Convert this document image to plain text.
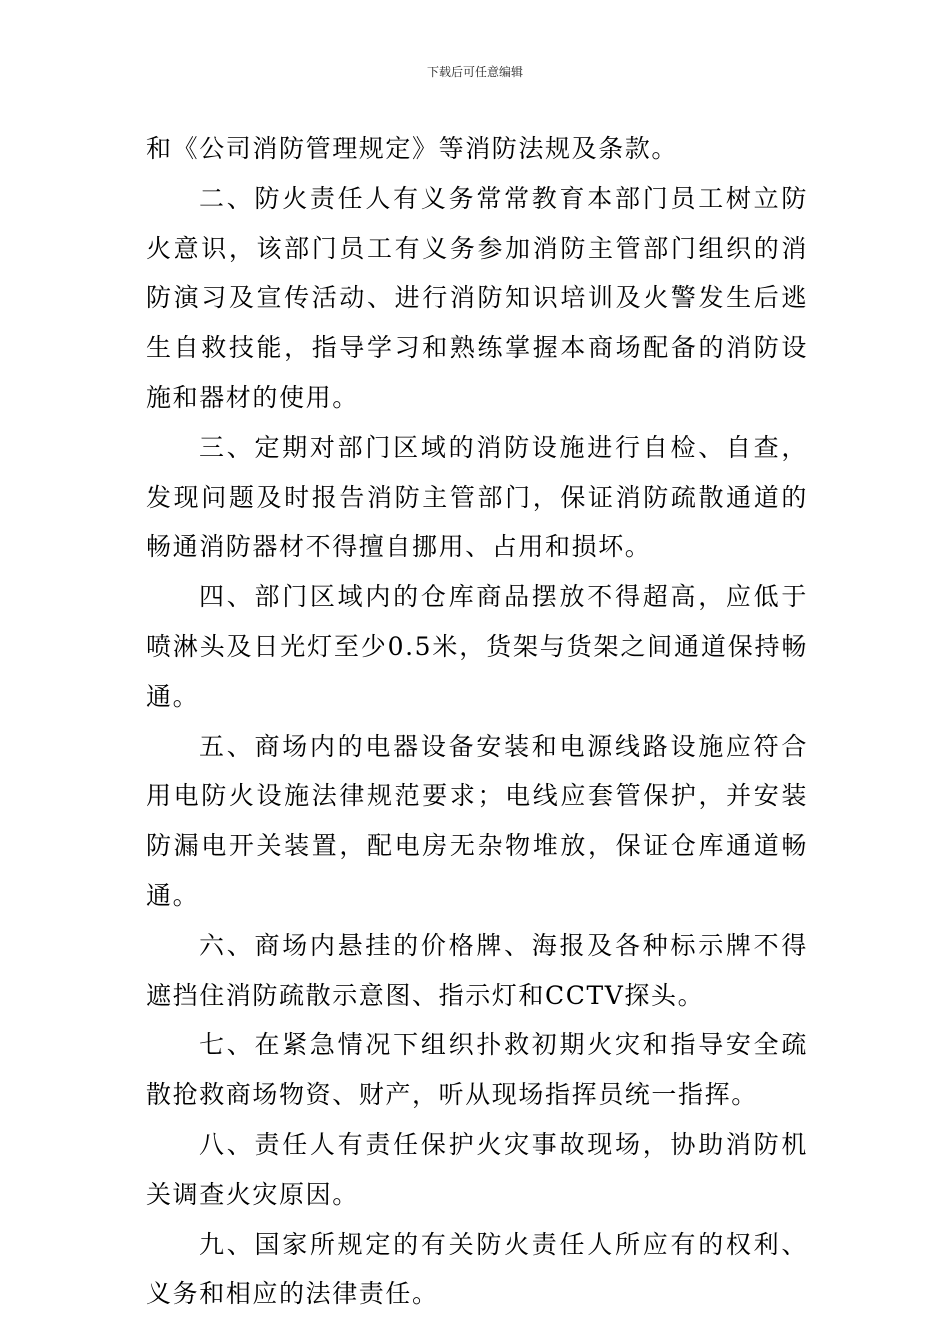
下载后可任意编辑

和《公司消防管理规定》等消防法规及条款。

二、防火责任人有义务常常教育本部门员工树立防火意识，该部门员工有义务参加消防主管部门组织的消防演习及宣传活动、进行消防知识培训及火警发生后逃生自救技能，指导学习和熟练掌握本商场配备的消防设施和器材的使用。

三、定期对部门区域的消防设施进行自检、自查，发现问题及时报告消防主管部门，保证消防疏散通道的畅通消防器材不得擅自挪用、占用和损坏。

四、部门区域内的仓库商品摆放不得超高，应低于喷淋头及日光灯至少0.5米，货架与货架之间通道保持畅通。

五、商场内的电器设备安装和电源线路设施应符合用电防火设施法律规范要求；电线应套管保护，并安装防漏电开关装置，配电房无杂物堆放，保证仓库通道畅通。

六、商场内悬挂的价格牌、海报及各种标示牌不得遮挡住消防疏散示意图、指示灯和CCTV探头。

七、在紧急情况下组织扑救初期火灾和指导安全疏散抢救商场物资、财产，听从现场指挥员统一指挥。

八、责任人有责任保护火灾事故现场，协助消防机关调查火灾原因。

九、国家所规定的有关防火责任人所应有的权利、义务和相应的法律责任。
